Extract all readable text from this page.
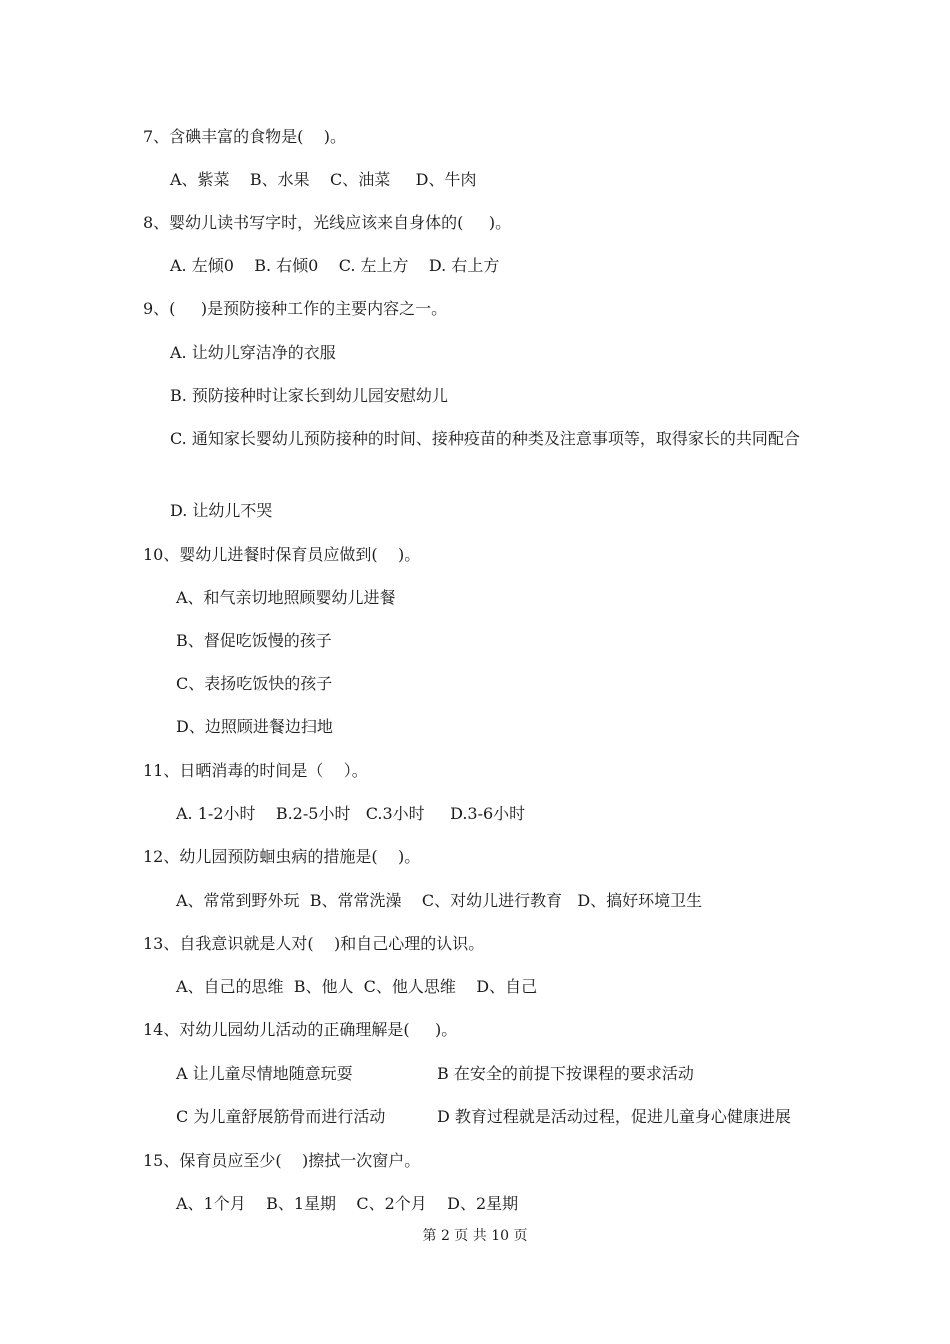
7、含碘丰富的食物是(    )。
A、紫菜    B、水果    C、油菜     D、牛肉
8、婴幼儿读书写字时，光线应该来自身体的(     )。
A. 左倾0    B. 右倾0    C. 左上方    D. 右上方
9、(     )是预防接种工作的主要内容之一。
A. 让幼儿穿洁净的衣服
B. 预防接种时让家长到幼儿园安慰幼儿
C. 通知家长婴幼儿预防接种的时间、接种疫苗的种类及注意事项等，取得家长的共同配合
D. 让幼儿不哭
10、婴幼儿进餐时保育员应做到(    )。
A、和气亲切地照顾婴幼儿进餐
B、督促吃饭慢的孩子
C、表扬吃饭快的孩子
D、边照顾进餐边扫地
11、日晒消毒的时间是（    ）。
A. 1-2小时    B.2-5小时   C.3小时     D.3-6小时
12、幼儿园预防蛔虫病的措施是(    )。
A、常常到野外玩  B、常常洗澡    C、对幼儿进行教育   D、搞好环境卫生
13、自我意识就是人对(    )和自己心理的认识。
A、自己的思维  B、他人  C、他人思维    D、自己
14、对幼儿园幼儿活动的正确理解是(     )。
A 让儿童尽情地随意玩耍	B 在安全的前提下按课程的要求活动
C 为儿童舒展筋骨而进行活动	D 教育过程就是活动过程，促进儿童身心健康进展
15、保育员应至少(    )擦拭一次窗户。
A、1个月    B、1星期    C、2个月    D、2星期
第 2 页 共 10 页
